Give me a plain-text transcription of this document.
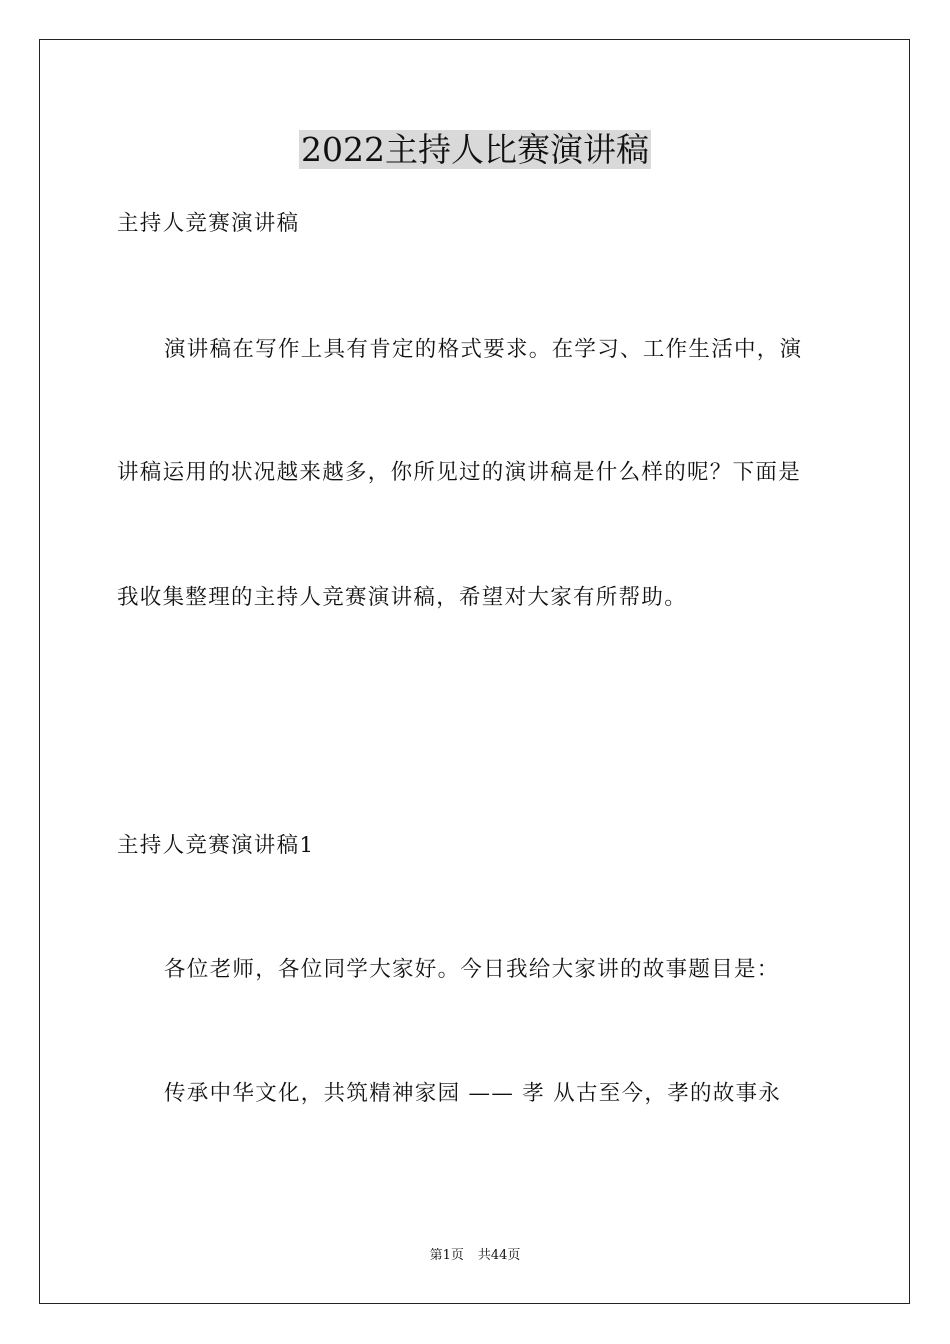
2022主持人比赛演讲稿

主持人竞赛演讲稿

演讲稿在写作上具有肯定的格式要求。在学习、工作生活中，演

讲稿运用的状况越来越多，你所见过的演讲稿是什么样的呢？下面是

我收集整理的主持人竞赛演讲稿，希望对大家有所帮助。

主持人竞赛演讲稿1

各位老师，各位同学大家好。今日我给大家讲的故事题目是：

传承中华文化，共筑精神家园 —— 孝 从古至今，孝的故事永

第1页 共44页
